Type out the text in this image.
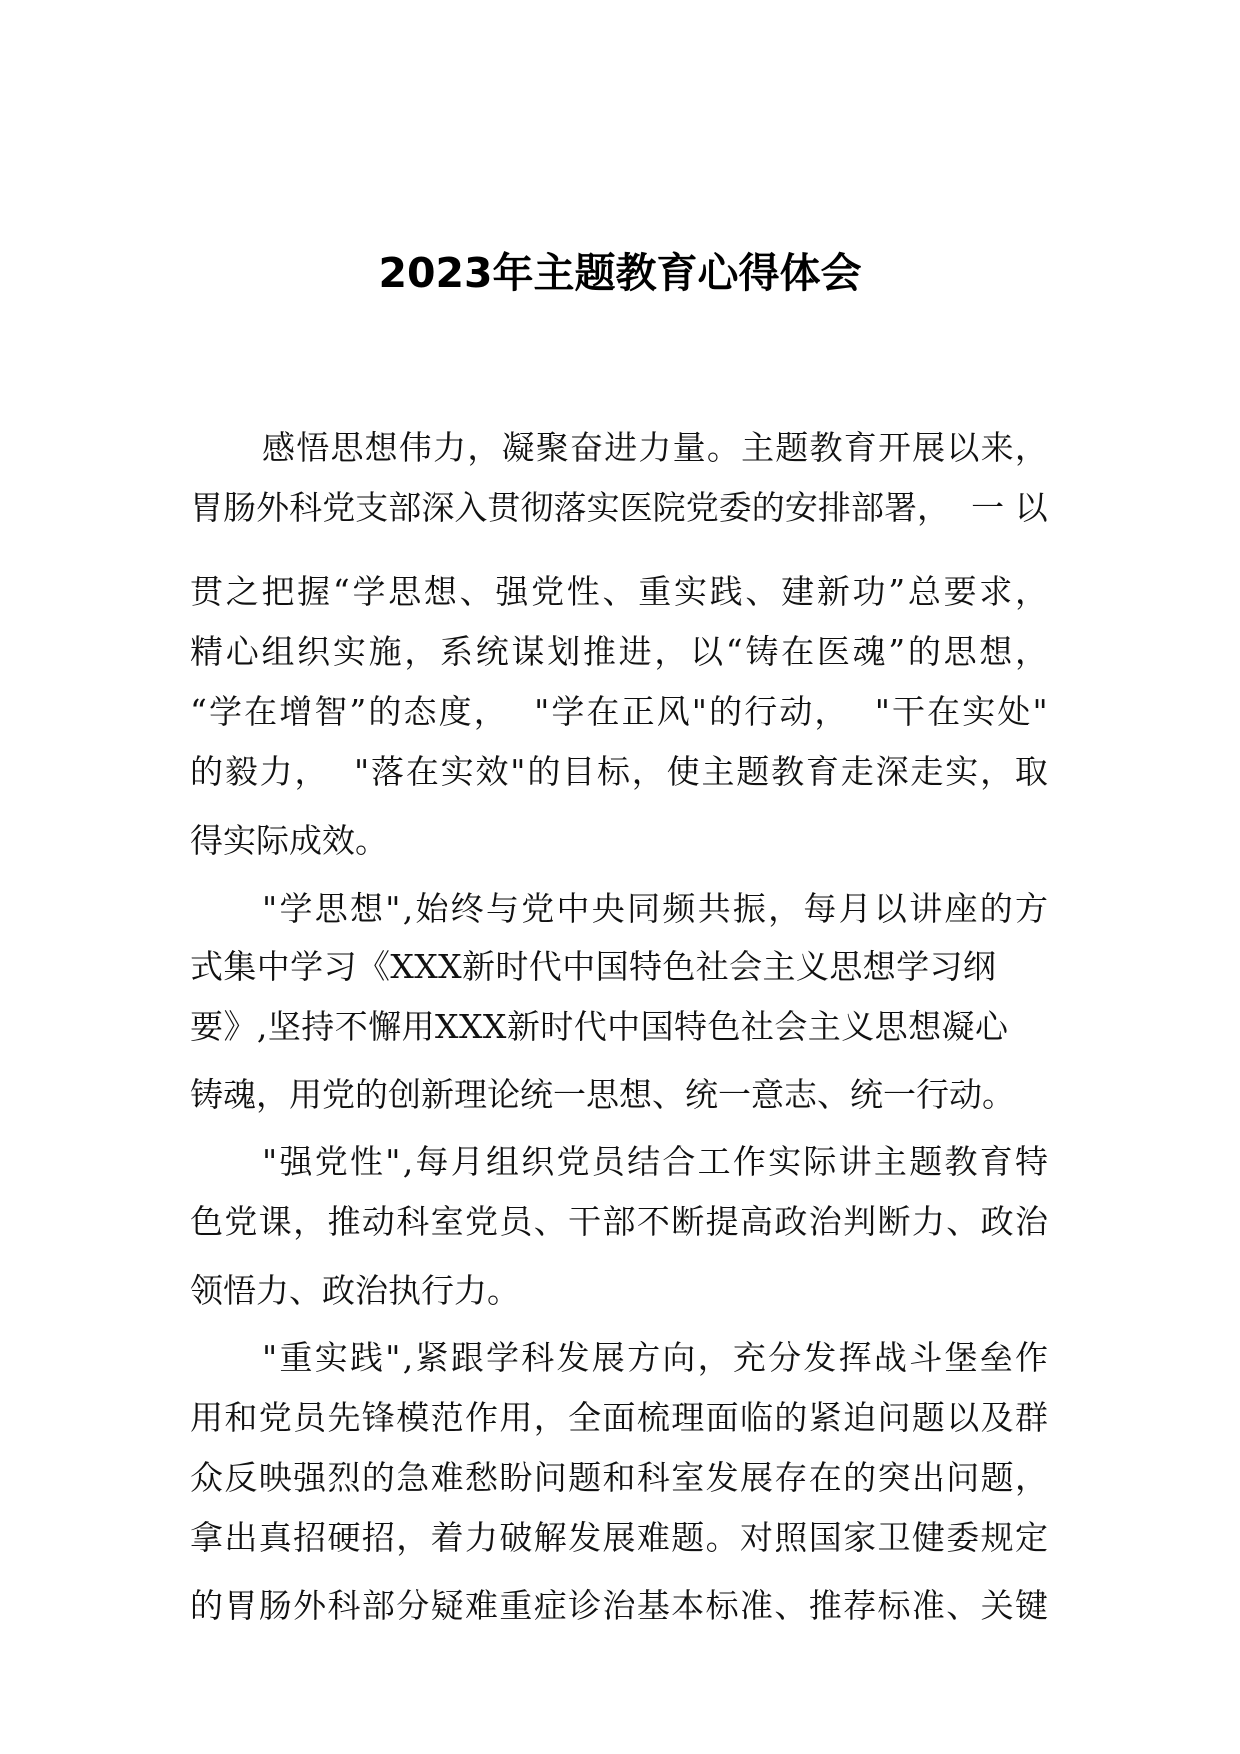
2023年主题教育心得体会
感 悟 思 想 伟 力 ， 凝 聚 奋 进 力 量 。 主 题 教 育 开 展 以 来 ，
胃 肠 外 科 党 支 部 深 入 贯 彻 落 实 医 院 党 委 的 安 排 部 署 ，

一
以
贯 之 把 握 “ 学 思 想 、 强 党 性 、 重 实 践 、 建 新 功 ” 总 要 求 ，
精 心 组 织 实 施 ， 系 统 谋 划 推 进 ， 以 “ 铸 在 医 魂 ” 的 思 想 ，
“ 学 在 增 智 ” 的 态 度 ，

" 学 在 正 风 " 的 行 动 ，

" 干 在 实 处 "
的 毅 力 ，

" 落 在 实 效 " 的 目 标 ， 使 主 题 教 育 走 深 走 实 ， 取
得实际成效。
" 学 思 想 " , 始 终 与 党 中 央 同 频 共 振 ， 每 月 以 讲 座 的 方
式 集 中 学 习 《 X X X 新 时 代 中 国 特 色 社 会 主 义 思 想 学 习 纲
要 》 , 坚 持 不 懈 用 X X X 新 时 代 中 国 特 色 社 会 主 义 思 想 凝 心
铸 魂 ， 用 党 的 创 新 理 论 统 一 思 想 、 统 一 意 志 、 统 一 行 动 。
" 强 党 性 " , 每 月 组 织 党 员 结 合 工 作 实 际 讲 主 题 教 育 特
色 党 课 ， 推 动 科 室 党 员 、 干 部 不 断 提 高 政 治 判 断 力 、 政 治
领悟力、政治执行力。
" 重 实 践 " , 紧 跟 学 科 发 展 方 向 ， 充 分 发 挥 战 斗 堡 垒 作
用 和 党 员 先 锋 模 范 作 用 ， 全 面 梳 理 面 临 的 紧 迫 问 题 以 及 群
众 反 映 强 烈 的 急 难 愁 盼 问 题 和 科 室 发 展 存 在 的 突 出 问 题 ，
拿 出 真 招 硬 招 ， 着 力 破 解 发 展 难 题 。 对 照 国 家 卫 健 委 规 定
的 胃 肠 外 科 部 分 疑 难 重 症 诊 治 基 本 标 准 、 推 荐 标 准 、 关 键
